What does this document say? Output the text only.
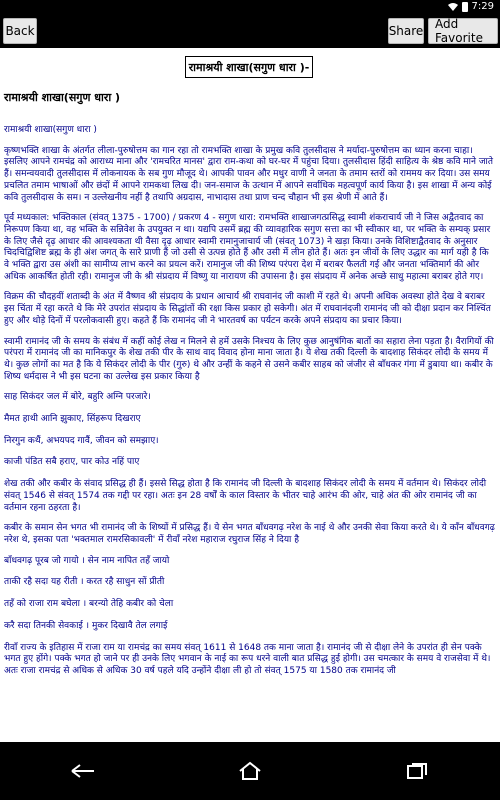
7:29
Back	Share Add Favorite
रामाश्रयी शाखा(सगुण धारा )-
रामाश्रयी शाखा(सगुण धारा )

रामाश्रयी शाखा(सगुण धारा )

कृष्णभक्ति शाखा के अंतर्गत लीला-पुरुषोत्तम का गान रहा तो रामभक्ति शाखा के प्रमुख कवि तुलसीदास ने मर्यादा-पुरुषोत्तम का ध्यान करना चाहा। इसलिए आपने रामचंद्र को आराध्य माना और 'रामचरित मानस' द्वारा राम-कथा को घर-घर में पहुंचा दिया। तुलसीदास हिंदी साहित्य के श्रेष्ठ कवि माने जाते हैं। समन्वयवादी तुलसीदास में लोकनायक के सब गुण मौजूद थे। आपकी पावन और मधुर वाणी ने जनता के तमाम स्तरों को राममय कर दिया। उस समय प्रचलित तमाम भाषाओं और छंदों में आपने रामकथा लिख दी। जन-समाज के उत्थान में आपने सर्वाधिक महत्वपूर्ण कार्य किया है। इस शाखा में अन्य कोई कवि तुलसीदास के सम। न उल्लेखनीय नहीं है तथापि अग्रदास, नाभादास तथा प्राण चन्द चौहान भी इस श्रेणी में आते हैं।

पूर्व मध्यकाल: भक्तिकाल (संवत् 1375 - 1700) / प्रकरण 4 - सगुण धारा: रामभक्ति शाखाजगत्प्रसिद्ध स्वामी शंकराचार्य जी ने जिस अद्वैतवाद का निरूपण किया था, वह भक्ति के सन्निवेश के उपयुक्त न था। यद्यपि उसमें ब्रह्म की व्यावहारिक सगुण सत्ता का भी स्वीकार था, पर भक्ति के सम्यक् प्रसार के लिए जैसे दृढ़ आधार की आवश्यकता थी वैसा दृढ़ आधार स्वामी रामानुजाचार्य जी (संवत् 1073) ने खड़ा किया। उनके विशिष्टाद्वैतवाद के अनुसार चिदचिद्विशिष्ट ब्रह्म के ही अंश जगत् के सारे प्राणी हैं जो उसी से उत्पन्न होते हैं और उसी में लीन होते हैं। अतः इन जीवों के लिए उद्धार का मार्ग यही है कि वे भक्ति द्वारा उस अंशी का सामीप्य लाभ करने का प्रयत्न करें। रामानुज जी की शिष्य परंपरा देश में बराबर फैलती गई और जनता भक्तिमार्ग की ओर अधिक आकर्षित होती रही। रामानुज जी के श्री संप्रदाय में विष्णु या नारायण की उपासना है। इस संप्रदाय में अनेक अच्छे साधु महात्मा बराबर होते गए।

विक्रम की चौदहवीं शताब्दी के अंत में वैष्णव श्री संप्रदाय के प्रधान आचार्य श्री राघवानंद जी काशी में रहते थे। अपनी अधिक अवस्था होते देख वे बराबर इस चिंता में रहा करते थे कि मेरे उपरांत संप्रदाय के सिद्धांतों की रक्षा किस प्रकार हो सकेगी। अंत में राघवानंदजी रामानंद जी को दीक्षा प्रदान कर निश्चिंत हुए और थोड़े दिनों में परलोकवासी हुए। कहते हैं कि रामानंद जी ने भारतवर्ष का पर्यटन करके अपने संप्रदाय का प्रचार किया।

स्वामी रामानंद जी के समय के संबंध में कहीं कोई लेख न मिलने से हमें उसके निश्चय के लिए कुछ आनुषंगिक बातों का सहारा लेना पड़ता है। वैरागियों की परंपरा में रामानंद जी का मानिकपुर के शेख तकी पीर के साथ वाद विवाद होना माना जाता है। ये शेख तकी दिल्ली के बादशाह सिकंदर लोदी के समय में थे। कुछ लोगों का मत है कि ये सिकंदर लोदी के पीर (गुरु) थे और उन्हीं के कहने से उसने कबीर साहब को जंजीर से बाँधकर गंगा में डुबाया था। कबीर के शिष्य धर्मदास ने भी इस घटना का उल्लेख इस प्रकार किया है

साह सिकंदर जल में बोरे, बहुरि अग्नि परजारे।

मैमत हाथी आनि झुकाए, सिंहरूप दिखराए

निरगुन कथैं, अभयपद गावैं, जीवन को समझाए।

काजी पंडित सबै हराए, पार कोउ नहिं पाए

शेख तकी और कबीर के संवाद प्रसिद्ध ही हैं। इससे सिद्ध होता है कि रामानंद जी दिल्ली के बादशाह सिकंदर लोदी के समय में वर्तमान थे। सिकंदर लोदी संवत् 1546 से संवत् 1574 तक गद्दी पर रहा। अतः इन 28 वर्षों के काल विस्तार के भीतर चाहे आरंभ की ओर, चाहे अंत की ओर रामानंद जी का वर्तमान रहना ठहरता है।

कबीर के समान सेन भगत भी रामानंद जी के शिष्यों में प्रसिद्ध हैं। ये सेन भगत बाँधवगढ़ नरेश के नाई थे और उनकी सेवा किया करते थे। ये काँन बाँधवगढ़ नरेश थे, इसका पता 'भक्तमाल रामरसिकावली' में रीवाँ नरेश महाराज रघुराज सिंह ने दिया है

बाँधवगढ़ पूरब जो गायो । सेन नाम नापित तहँ जायो

ताकी रहै सदा यह रीती । करत रहै साधुन सों प्रीती

तहँ को राजा राम बघेला । बरन्यो तेहि कबीर को चेला

करै सदा तिनकी सेवकाई । मुकर दिखावै तेल लगाई

रीवाँ राज्य के इतिहास में राजा राम या रामचंद्र का समय संवत् 1611 से 1648 तक माना जाता है। रामानंद जी से दीक्षा लेने के उपरांत ही सेन पक्के भगत हुए होंगे। पक्के भगत हो जाने पर ही उनके लिए भगवान के नाई का रूप धरने वाली बात प्रसिद्ध हुई होगी। उस चमत्कार के समय वे राजसेवा में थे। अतः राजा रामचंद्र से अधिक से अधिक 30 वर्ष पहले यदि उन्होंने दीक्षा ली हो तो संवत् 1575 या 1580 तक रामानंद जी
